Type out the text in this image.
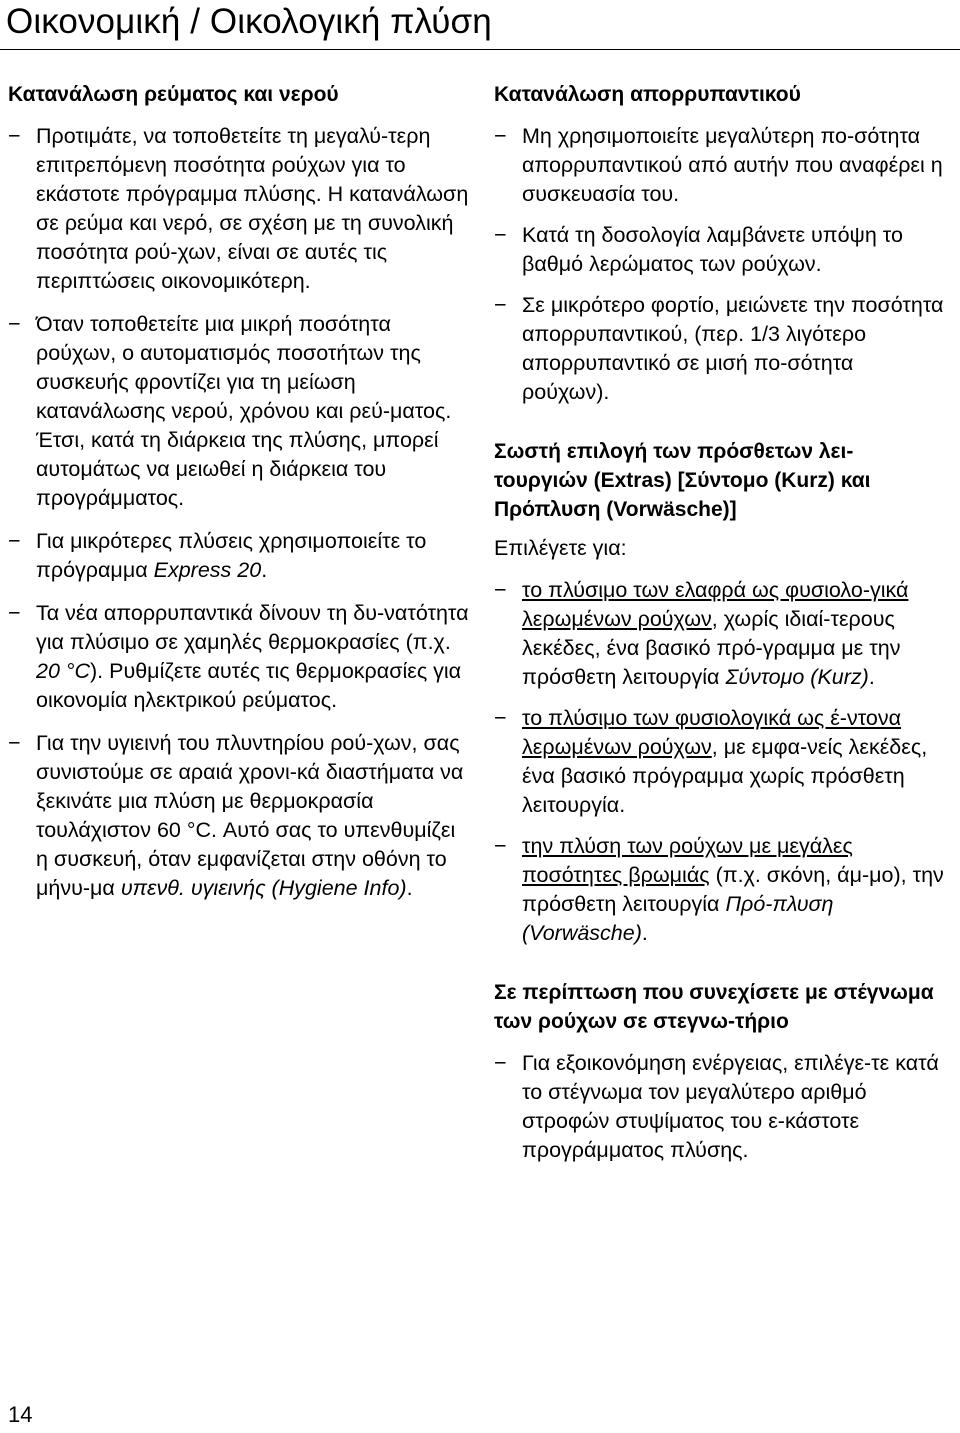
Οικονομική / Οικολογική πλύση
Κατανάλωση ρεύματος και νερού
− Προτιμάτε, να τοποθετείτε τη μεγαλύ-τερη επιτρεπόμενη ποσότητα ρούχων για το εκάστοτε πρόγραμμα πλύσης. Η κατανάλωση σε ρεύμα και νερό, σε σχέση με τη συνολική ποσότητα ρού-χων, είναι σε αυτές τις περιπτώσεις οικονομικότερη.
− Όταν τοποθετείτε μια μικρή ποσότητα ρούχων, ο αυτοματισμός ποσοτήτων της συσκευής φροντίζει για τη μείωση κατανάλωσης νερού, χρόνου και ρεύ-ματος. Έτσι, κατά τη διάρκεια της πλύσης, μπορεί αυτομάτως να μειωθεί η διάρκεια του προγράμματος.
− Για μικρότερες πλύσεις χρησιμοποιείτε το πρόγραμμα Express 20.
− Τα νέα απορρυπαντικά δίνουν τη δυ-νατότητα για πλύσιμο σε χαμηλές θερμοκρασίες (π.χ. 20 °C). Ρυθμίζετε αυτές τις θερμοκρασίες για οικονομία ηλεκτρικού ρεύματος.
− Για την υγιεινή του πλυντηρίου ρού-χων, σας συνιστούμε σε αραιά χρονι-κά διαστήματα να ξεκινάτε μια πλύση με θερμοκρασία τουλάχιστον 60 °C. Αυτό σας το υπενθυμίζει η συσκευή, όταν εμφανίζεται στην οθόνη το μήνυ-μα υπενθ. υγιεινής (Hygiene Info).
Κατανάλωση απορρυπαντικού
− Μη χρησιμοποιείτε μεγαλύτερη πο-σότητα απορρυπαντικού από αυτήν που αναφέρει η συσκευασία του.
− Κατά τη δοσολογία λαμβάνετε υπόψη το βαθμό λερώματος των ρούχων.
− Σε μικρότερο φορτίο, μειώνετε την ποσότητα απορρυπαντικού, (περ. 1/3 λιγότερο απορρυπαντικό σε μισή πο-σότητα ρούχων).
Σωστή επιλογή των πρόσθετων λει-τουργιών (Extras) [Σύντομο (Kurz) και Πρόπλυση (Vorwäsche)]

Επιλέγετε για:

− το πλύσιμο των ελαφρά ως φυσιολο-γικά λερωμένων ρούχων, χωρίς ιδιαί-τερους λεκέδες, ένα βασικό πρό-γραμμα με την πρόσθετη λειτουργία Σύντομο (Kurz).
− το πλύσιμο των φυσιολογικά ως έ-ντονα λερωμένων ρούχων, με εμφα-νείς λεκέδες, ένα βασικό πρόγραμμα χωρίς πρόσθετη λειτουργία.
− την πλύση των ρούχων με μεγάλες ποσότητες βρωμιάς (π.χ. σκόνη, άμ-μο), την πρόσθετη λειτουργία Πρό-πλυση (Vorwäsche).
Σε περίπτωση που συνεχίσετε με στέγνωμα των ρούχων σε στεγνω-τήριο
− Για εξοικονόμηση ενέργειας, επιλέγε-τε κατά το στέγνωμα τον μεγαλύτερο αριθμό στροφών στυψίματος του ε-κάστοτε προγράμματος πλύσης.
14
